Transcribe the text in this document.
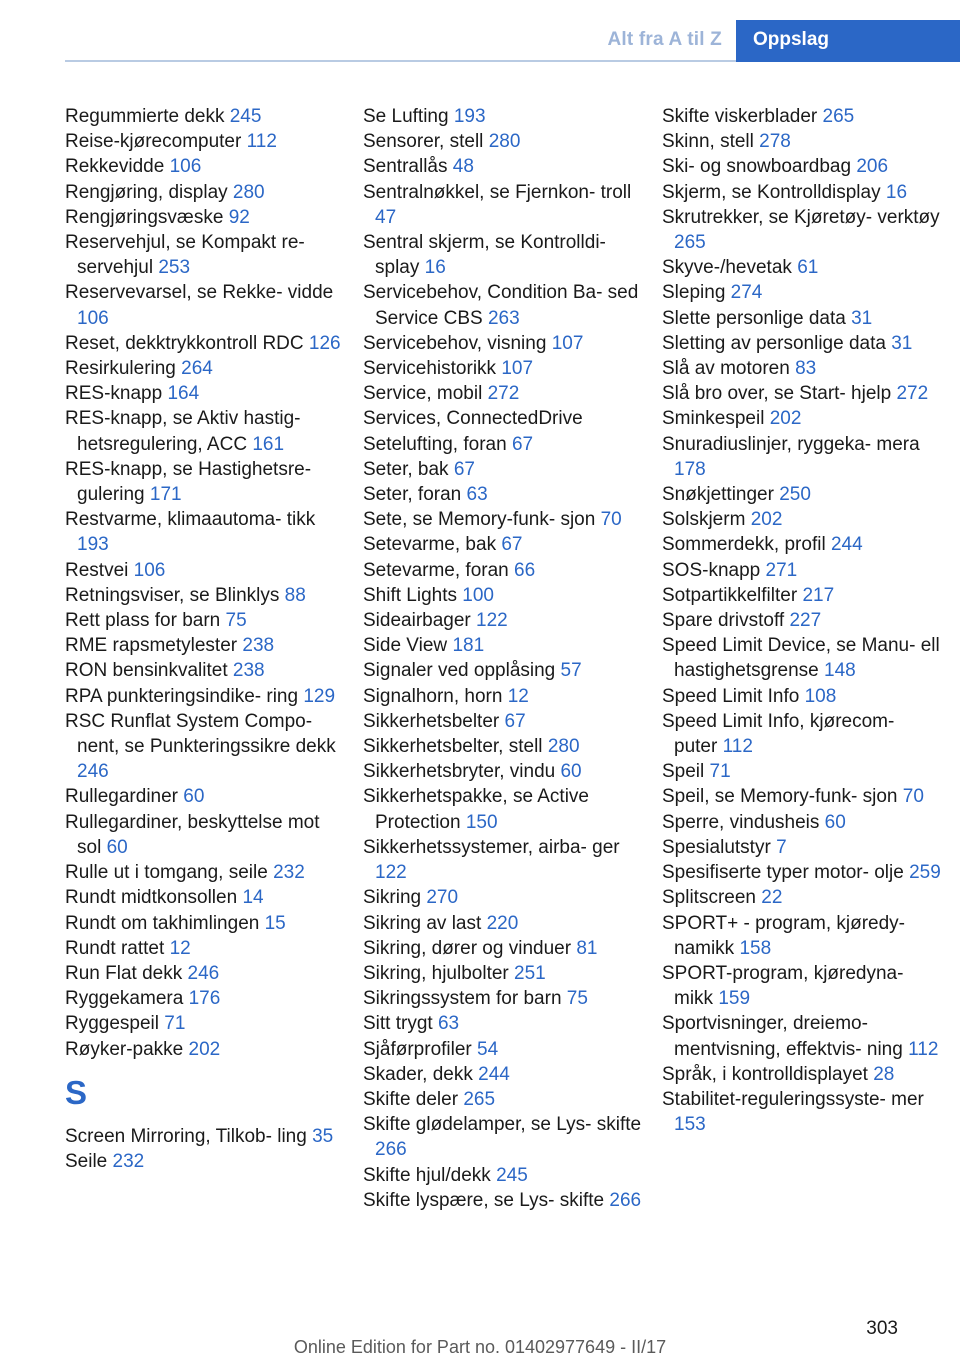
Alt fra A til Z	Oppslag
Regummierte dekk 245
Reise-kjørecomputer 112
Rekkevidde 106
Rengjøring, display 280
Rengjøringsvæske 92
Reservehjul, se Kompakt re‐ servehjul 253
Reservevarsel, se Rekke‐ vidde 106
Reset, dekktrykkontroll RDC 126
Resirkulering 264
RES-knapp 164
RES-knapp, se Aktiv hastig‐ hetsregulering, ACC 161
RES-knapp, se Hastighetsre‐ gulering 171
Restvarme, klimaautoma‐ tikk 193
Restvei 106
Retningsviser, se Blinklys 88
Rett plass for barn 75
RME rapsmetylester 238
RON bensinkvalitet 238
RPA punkteringsindike‐ ring 129
RSC Runflat System Compo‐ nent, se Punkteringssikre dekk 246
Rullegardiner 60
Rullegardiner, beskyttelse mot sol 60
Rulle ut i tomgang, seile 232
Rundt midtkonsollen 14
Rundt om takhimlingen 15
Rundt rattet 12
Run Flat dekk 246
Ryggekamera 176
Ryggespeil 71
Røyker-pakke 202
S
Screen Mirroring, Tilkob‐ ling 35
Seile 232
Se Lufting 193
Sensorer, stell 280
Sentrallås 48
Sentralnøkkel, se Fjernkon‐ troll 47
Sentral skjerm, se Kontrolldi‐ splay 16
Servicebehov, Condition Ba‐ sed Service CBS 263
Servicebehov, visning 107
Servicehistorikk 107
Service, mobil 272
Services, ConnectedDrive
Setelufting, foran 67
Seter, bak 67
Seter, foran 63
Sete, se Memory-funk‐ sjon 70
Setevarme, bak 67
Setevarme, foran 66
Shift Lights 100
Sideairbager 122
Side View 181
Signaler ved opplåsing 57
Signalhorn, horn 12
Sikkerhetsbelter 67
Sikkerhetsbelter, stell 280
Sikkerhetsbryter, vindu 60
Sikkerhetspakke, se Active Protection 150
Sikkerhetssystemer, airba‐ ger 122
Sikring 270
Sikring av last 220
Sikring, dører og vinduer 81
Sikring, hjulbolter 251
Sikringssystem for barn 75
Sitt trygt 63
Sjåførprofiler 54
Skader, dekk 244
Skifte deler 265
Skifte glødelamper, se Lys‐ skifte 266
Skifte hjul/dekk 245
Skifte lyspære, se Lys‐ skifte 266
Skifte viskerblader 265
Skinn, stell 278
Ski- og snowboardbag 206
Skjerm, se Kontrolldisplay 16
Skrutrekker, se Kjøretøy‐ verktøy 265
Skyve-/hevetak 61
Sleping 274
Slette personlige data 31
Sletting av personlige data 31
Slå av motoren 83
Slå bro over, se Start‐ hjelp 272
Sminkespeil 202
Snuradiuslinjer, ryggeka‐ mera 178
Snøkjettinger 250
Solskjerm 202
Sommerdekk, profil 244
SOS-knapp 271
Sotpartikkelfilter 217
Spare drivstoff 227
Speed Limit Device, se Manu‐ ell hastighetsgrense 148
Speed Limit Info 108
Speed Limit Info, kjørecom‐ puter 112
Speil 71
Speil, se Memory-funk‐ sjon 70
Sperre, vindusheis 60
Spesialutstyr 7
Spesifiserte typer motor‐ olje 259
Splitscreen 22
SPORT+ - program, kjøredy‐ namikk 158
SPORT-program, kjøredyna‐ mikk 159
Sportvisninger, dreiemo‐ mentvisning, effektvis‐ ning 112
Språk, i kontrolldisplayet 28
Stabilitet-reguleringssyste‐ mer 153
303
Online Edition for Part no. 01402977649 - II/17
